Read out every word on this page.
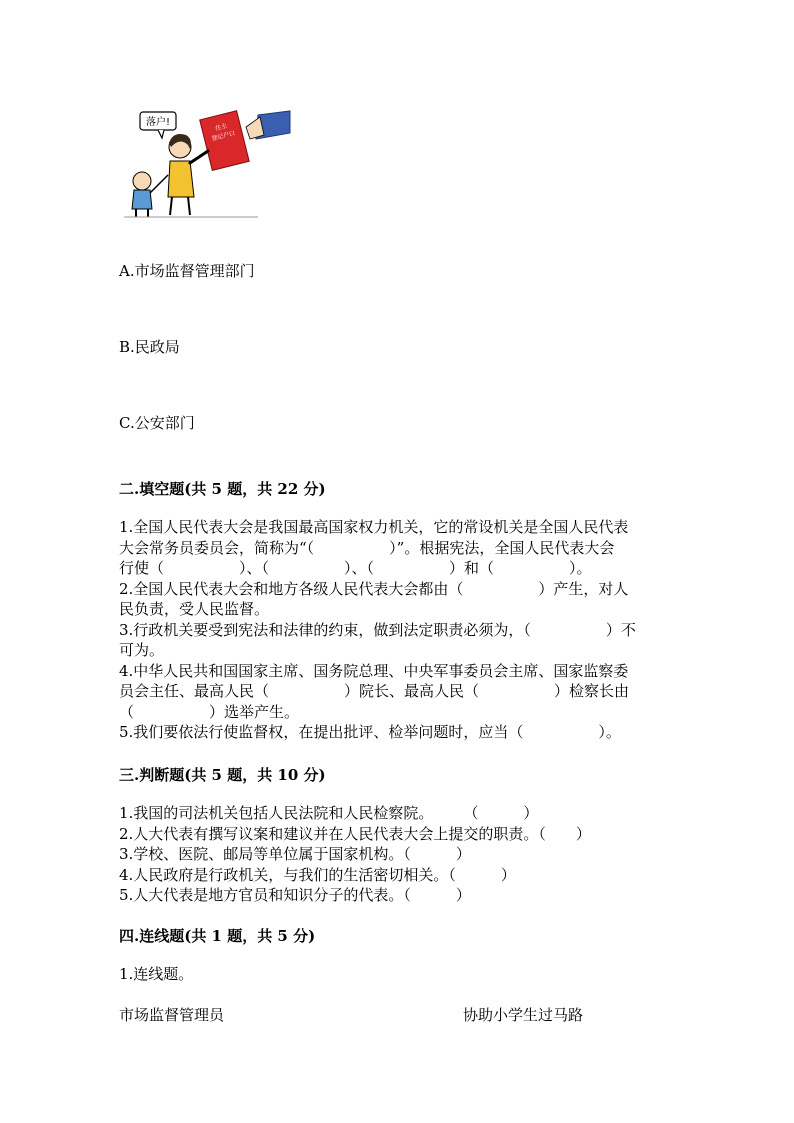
落户!	住主
登记户口
A.市场监督管理部门
B.民政局
C.公安部门
二.填空题(共 5 题，共 22 分)
1.全国人民代表大会是我国最高国家权力机关，它的常设机关是全国人民代表
大会常务员委员会，简称为“（　　　　　）”。根据宪法，全国人民代表大会
行使（　　　　　）、（　　　　　）、（　　　　　）和（　　　　　）。
2.全国人民代表大会和地方各级人民代表大会都由（　　　　　）产生，对人
民负责，受人民监督。
3.行政机关要受到宪法和法律的约束，做到法定职责必须为，（　　　　　）不
可为。
4.中华人民共和国国家主席、国务院总理、中央军事委员会主席、国家监察委
员会主任、最高人民（　　　　　）院长、最高人民（　　　　　）检察长由
（　　　　　）选举产生。
5.我们要依法行使监督权，在提出批评、检举问题时，应当（　　　　　）。
三.判断题(共 5 题，共 10 分)
1.我国的司法机关包括人民法院和人民检察院。　　　（　　　）
2.人大代表有撰写议案和建议并在人民代表大会上提交的职责。（　　）
3.学校、医院、邮局等单位属于国家机构。（　　　）
4.人民政府是行政机关，与我们的生活密切相关。（　　　）
5.人大代表是地方官员和知识分子的代表。（　　　）
四.连线题(共 1 题，共 5 分)
1.连线题。
市场监督管理员	协助小学生过马路
